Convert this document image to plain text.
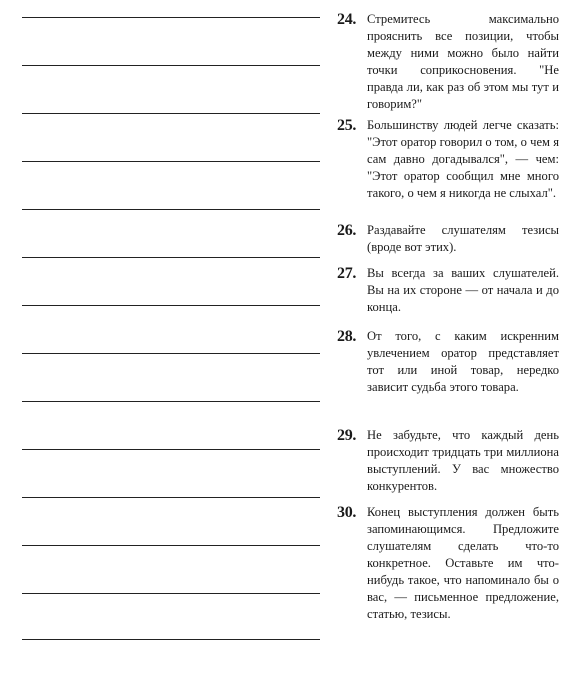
24. Стремитесь максимально прояснить все позиции, чтобы между ними можно было найти точки соприкосновения. "Не правда ли, как раз об этом мы тут и говорим?"
25. Большинству людей легче сказать: "Этот оратор говорил о том, о чем я сам давно догадывался", — чем: "Этот оратор сообщил мне много такого, о чем я никогда не слыхал".
26. Раздавайте слушателям тезисы (вроде вот этих).
27. Вы всегда за ваших слушателей. Вы на их стороне — от начала и до конца.
28. От того, с каким искренним увлечением оратор представляет тот или иной товар, нередко зависит судьба этого товара.
29. Не забудьте, что каждый день происходит тридцать три миллиона выступлений. У вас множество конкурентов.
30. Конец выступления должен быть запоминающимся. Предложите слушателям сделать что-то конкретное. Оставьте им что-нибудь такое, что напоминало бы о вас, — письменное предложение, статью, тезисы.
